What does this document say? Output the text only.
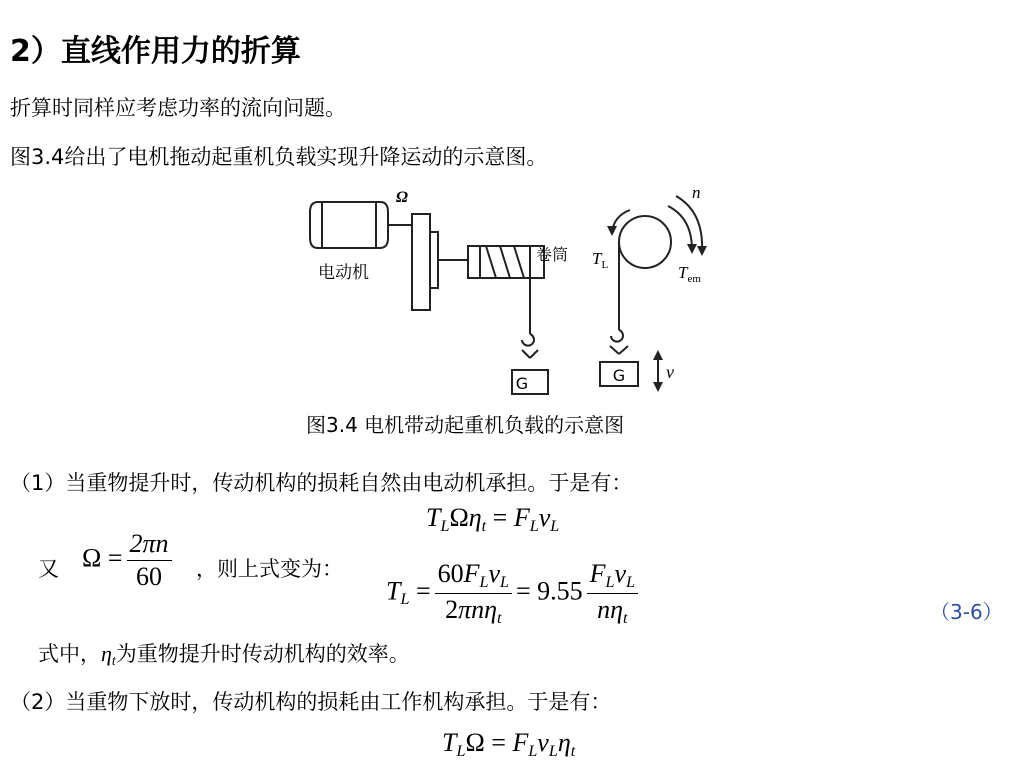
2）直线作用力的折算
折算时同样应考虑功率的流向问题。
图3.4给出了电机拖动起重机负载实现升降运动的示意图。
电动机
Ω
卷筒
G	G
n
$T_L$	$T_{em}$
v
图3.4 电机带动起重机负载的示意图
（1）当重物提升时，传动机构的损耗自然由电动机承担。于是有：
$T_L\Omega\eta_t = F_Lv_L$
又 $\Omega = \frac{2\pi n}{60}$ ，则上式变为：
$T_L = \frac{60F_Lv_L}{2\pi n\eta_t} = 9.55 \frac{F_Lv_L}{n\eta_t}$	（3-6）
式中，$\eta_t$为重物提升时传动机构的效率。
（2）当重物下放时，传动机构的损耗由工作机构承担。于是有：
$T_L\Omega = F_Lv_L\eta_t$
